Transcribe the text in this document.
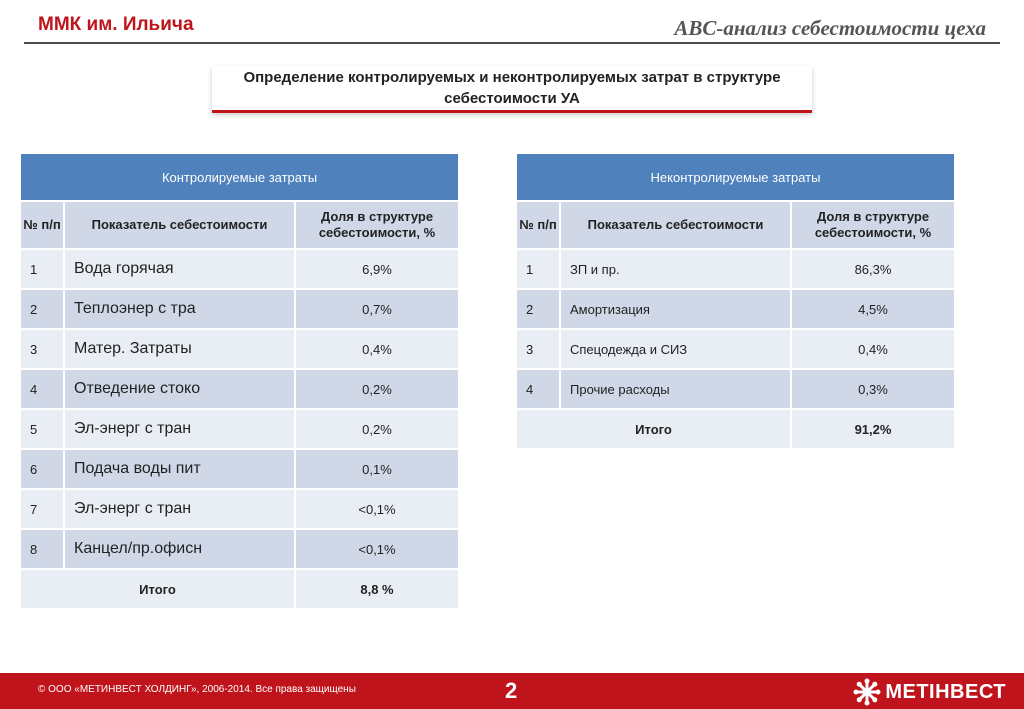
ММК им. Ильича	ABC-анализ себестоимости цеха
Определение контролируемых и неконтролируемых затрат в структуре себестоимости УА
Контролируемые затраты		
№ п/п	Показатель себестоимости	Доля в структуре себестоимости, %
1	Вода горячая	6,9%
2	Теплоэнер с тра	0,7%
3	Матер. Затраты	0,4%
4	Отведение стоко	0,2%
5	Эл-энерг с тран	0,2%
6	Подача воды пит	0,1%
7	Эл-энерг с тран	<0,1%
8	Канцел/пр.офисн	<0,1%
Итого		8,8 %
Неконтролируемые затраты		
№ п/п	Показатель себестоимости	Доля в структуре себестоимости, %
1	ЗП и пр.	86,3%
2	Амортизация	4,5%
3	Спецодежда и СИЗ	0,4%
4	Прочие расходы	0,3%
Итого		91,2%
© ООО «МЕТИНВЕСТ ХОЛДИНГ», 2006-2014. Все права защищены	2	МЕТІНВЕСТ
